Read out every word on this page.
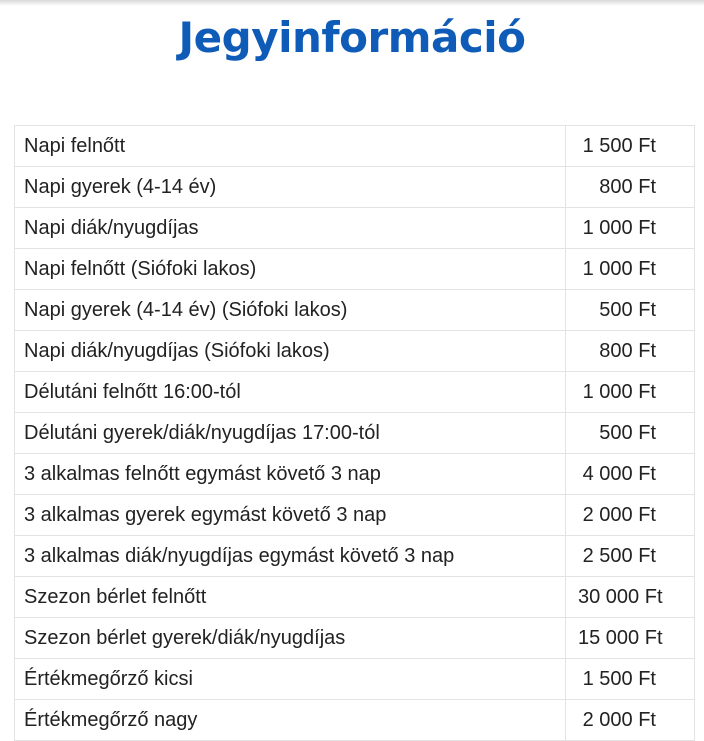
Jegyinformáció
Napi felnőtt	1 500 Ft
Napi gyerek (4-14 év)	800 Ft
Napi diák/nyugdíjas	1 000 Ft
Napi felnőtt (Siófoki lakos)	1 000 Ft
Napi gyerek (4-14 év) (Siófoki lakos)	500 Ft
Napi diák/nyugdíjas (Siófoki lakos)	800 Ft
Délutáni felnőtt 16:00-tól	1 000 Ft
Délutáni gyerek/diák/nyugdíjas 17:00-tól	500 Ft
3 alkalmas felnőtt egymást követő 3 nap	4 000 Ft
3 alkalmas gyerek egymást követő 3 nap	2 000 Ft
3 alkalmas diák/nyugdíjas egymást követő 3 nap	2 500 Ft
Szezon bérlet felnőtt	30 000 Ft
Szezon bérlet gyerek/diák/nyugdíjas	15 000 Ft
Értékmegőrző kicsi	1 500 Ft
Értékmegőrző nagy	2 000 Ft
